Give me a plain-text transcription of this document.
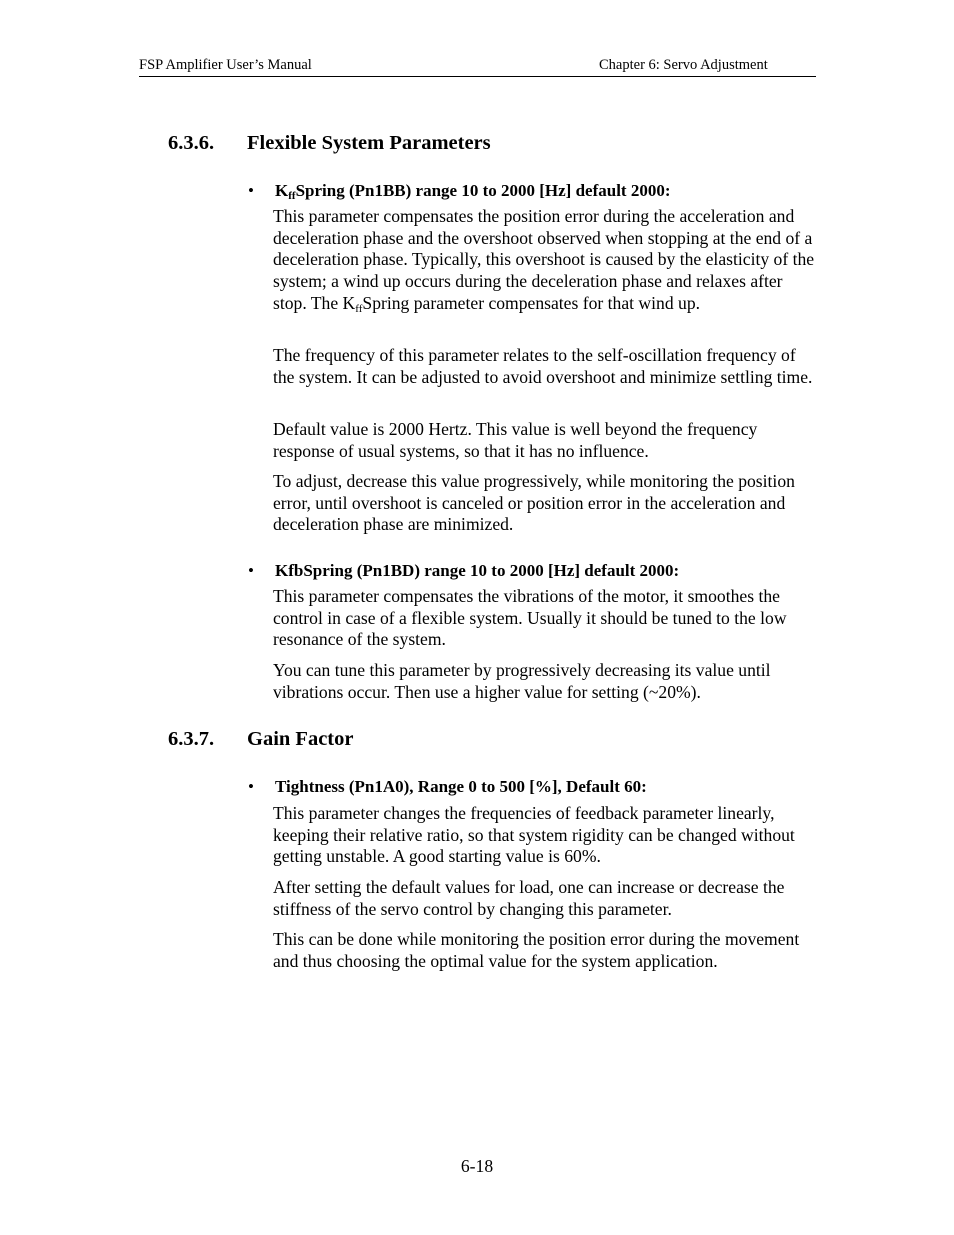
FSP Amplifier User’s Manual	Chapter 6: Servo Adjustment
6.3.6. Flexible System Parameters
• $K_{ff}Spring$ (Pn1BB) range 10 to 2000 [Hz] default 2000:
This parameter compensates the position error during the acceleration and deceleration phase and the overshoot observed when stopping at the end of a deceleration phase. Typically, this overshoot is caused by the elasticity of the system; a wind up occurs during the deceleration phase and relaxes after stop. The $K_{ff}Spring$ parameter compensates for that wind up.
The frequency of this parameter relates to the self-oscillation frequency of the system. It can be adjusted to avoid overshoot and minimize settling time.
Default value is 2000 Hertz. This value is well beyond the frequency response of usual systems, so that it has no influence.
To adjust, decrease this value progressively, while monitoring the position error, until overshoot is canceled or position error in the acceleration and deceleration phase are minimized.
• KfbSpring (Pn1BD) range 10 to 2000 [Hz] default 2000:
This parameter compensates the vibrations of the motor, it smoothes the control in case of a flexible system. Usually it should be tuned to the low resonance of the system.
You can tune this parameter by progressively decreasing its value until vibrations occur. Then use a higher value for setting (~20%).
6.3.7. Gain Factor
• Tightness (Pn1A0), Range 0 to 500 [%], Default 60:
This parameter changes the frequencies of feedback parameter linearly, keeping their relative ratio, so that system rigidity can be changed without getting unstable. A good starting value is 60%.
After setting the default values for load, one can increase or decrease the stiffness of the servo control by changing this parameter.
This can be done while monitoring the position error during the movement and thus choosing the optimal value for the system application.
6-18
